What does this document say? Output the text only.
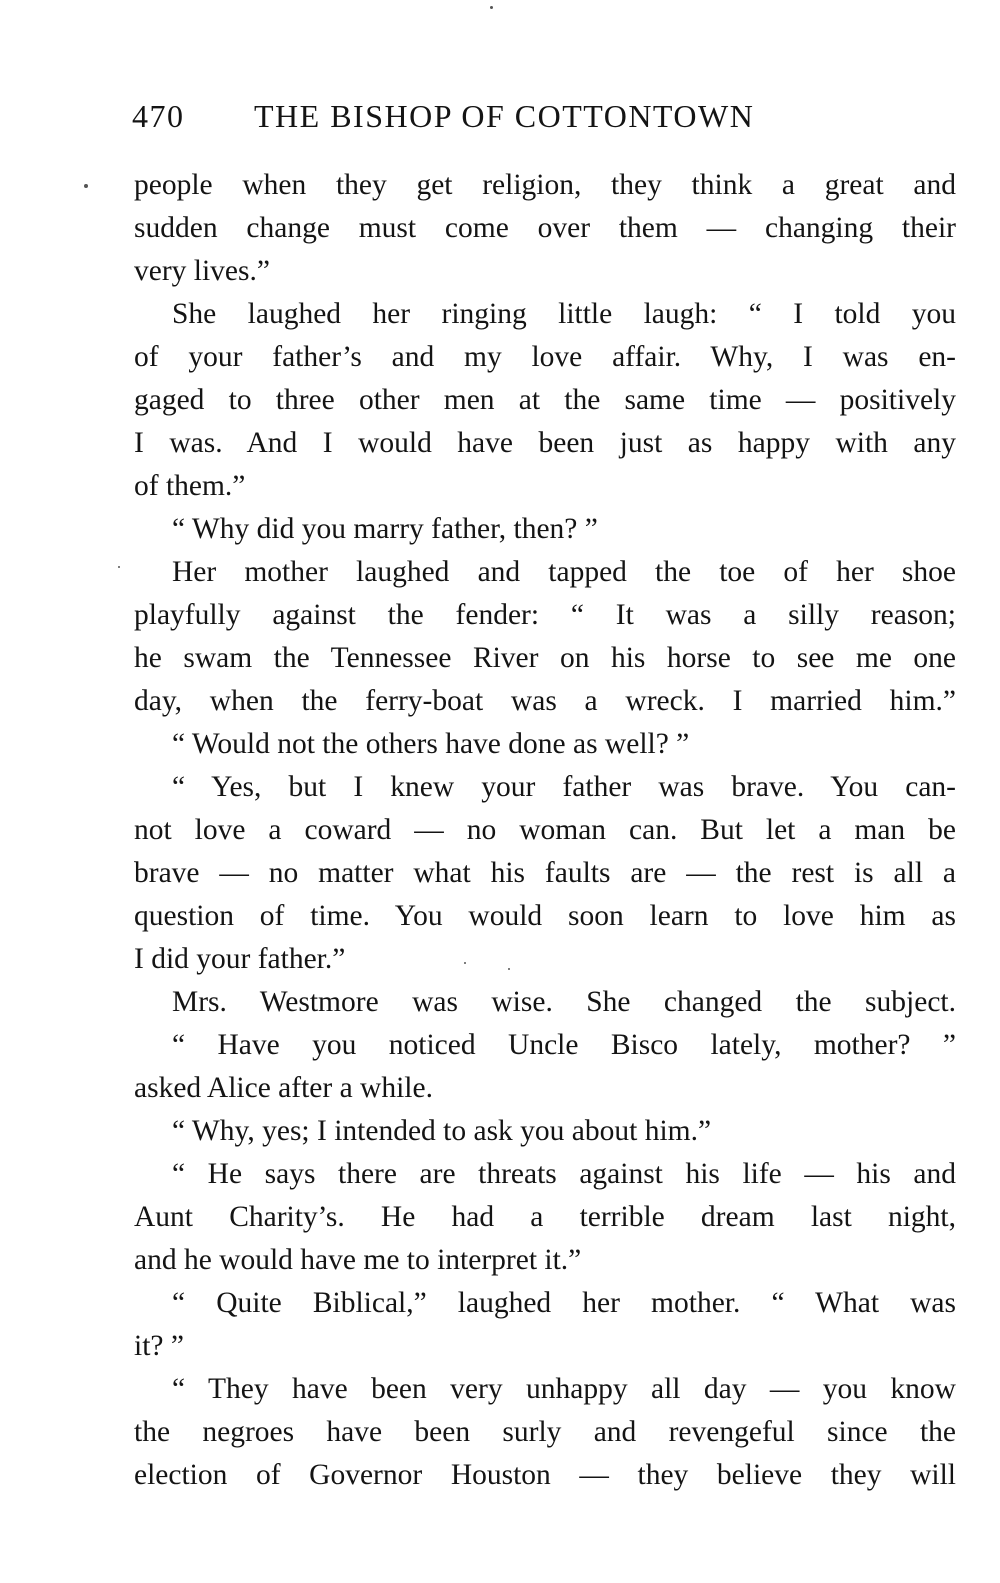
470 THE BISHOP OF COTTONTOWN
people when they get religion, they think a great and
sudden change must come over them — changing their
very lives.”
She laughed her ringing little laugh: “ I told you
of your father’s and my love affair. Why, I was en-
gaged to three other men at the same time — positively
I was. And I would have been just as happy with any
of them.”
“ Why did you marry father, then? ”
Her mother laughed and tapped the toe of her shoe
playfully against the fender: “ It was a silly reason;
he swam the Tennessee River on his horse to see me one
day, when the ferry-boat was a wreck. I married him.”
“ Would not the others have done as well? ”
“ Yes, but I knew your father was brave. You can-
not love a coward — no woman can. But let a man be
brave — no matter what his faults are — the rest is all a
question of time. You would soon learn to love him as
I did your father.”
Mrs. Westmore was wise. She changed the subject.
“ Have you noticed Uncle Bisco lately, mother? ”
asked Alice after a while.
“ Why, yes; I intended to ask you about him.”
“ He says there are threats against his life — his and
Aunt Charity’s. He had a terrible dream last night,
and he would have me to interpret it.”
“ Quite Biblical,” laughed her mother. “ What was
it? ”
“ They have been very unhappy all day — you know
the negroes have been surly and revengeful since the
election of Governor Houston — they believe they will
